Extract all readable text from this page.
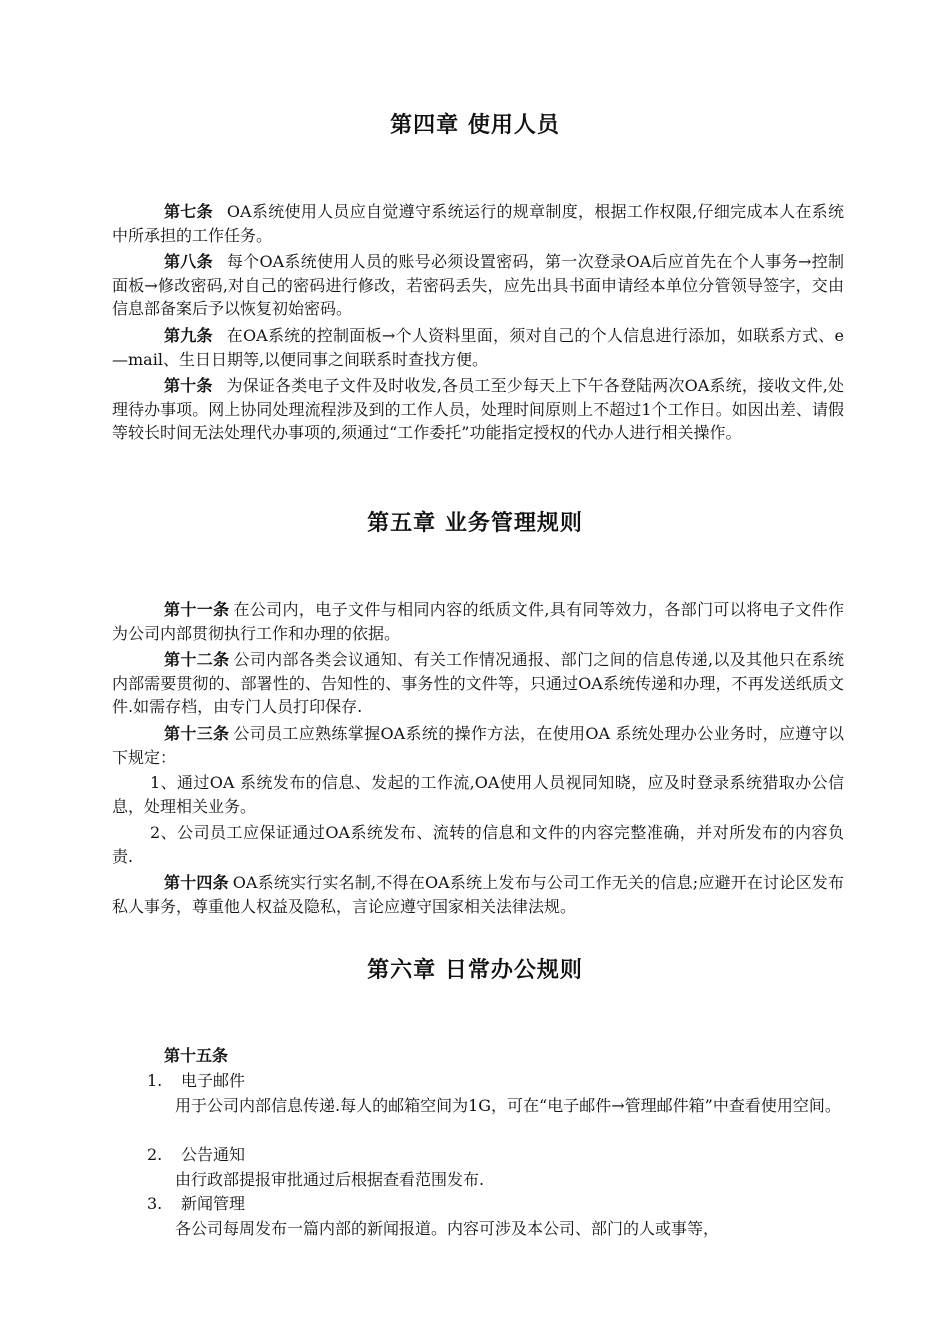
第四章 使用人员

第七条 OA系统使用人员应自觉遵守系统运行的规章制度，根据工作权限,仔细完成本人在系统中所承担的工作任务。

第八条 每个OA系统使用人员的账号必须设置密码，第一次登录OA后应首先在个人事务→控制面板→修改密码,对自己的密码进行修改，若密码丢失，应先出具书面申请经本单位分管领导签字，交由信息部备案后予以恢复初始密码。

第九条 在OA系统的控制面板→个人资料里面，须对自己的个人信息进行添加，如联系方式、e—mail、生日日期等,以便同事之间联系时查找方便。

第十条 为保证各类电子文件及时收发,各员工至少每天上下午各登陆两次OA系统，接收文件,处理待办事项。网上协同处理流程涉及到的工作人员，处理时间原则上不超过1个工作日。如因出差、请假等较长时间无法处理代办事项的,须通过“工作委托”功能指定授权的代办人进行相关操作。

第五章 业务管理规则

第十一条 在公司内，电子文件与相同内容的纸质文件,具有同等效力，各部门可以将电子文件作为公司内部贯彻执行工作和办理的依据。

第十二条 公司内部各类会议通知、有关工作情况通报、部门之间的信息传递,以及其他只在系统内部需要贯彻的、部署性的、告知性的、事务性的文件等，只通过OA系统传递和办理，不再发送纸质文件.如需存档，由专门人员打印保存.

第十三条 公司员工应熟练掌握OA系统的操作方法，在使用OA 系统处理办公业务时，应遵守以下规定：

1、通过OA 系统发布的信息、发起的工作流,OA使用人员视同知晓，应及时登录系统猎取办公信息，处理相关业务。

2、公司员工应保证通过OA系统发布、流转的信息和文件的内容完整准确，并对所发布的内容负责.

第十四条 OA系统实行实名制,不得在OA系统上发布与公司工作无关的信息;应避开在讨论区发布私人事务，尊重他人权益及隐私，言论应遵守国家相关法律法规。

第六章 日常办公规则

第十五条

1. 电子邮件

用于公司内部信息传递.每人的邮箱空间为1G，可在“电子邮件→管理邮件箱”中查看使用空间。

2. 公告通知

由行政部提报审批通过后根据查看范围发布.

3. 新闻管理

各公司每周发布一篇内部的新闻报道。内容可涉及本公司、部门的人或事等，
